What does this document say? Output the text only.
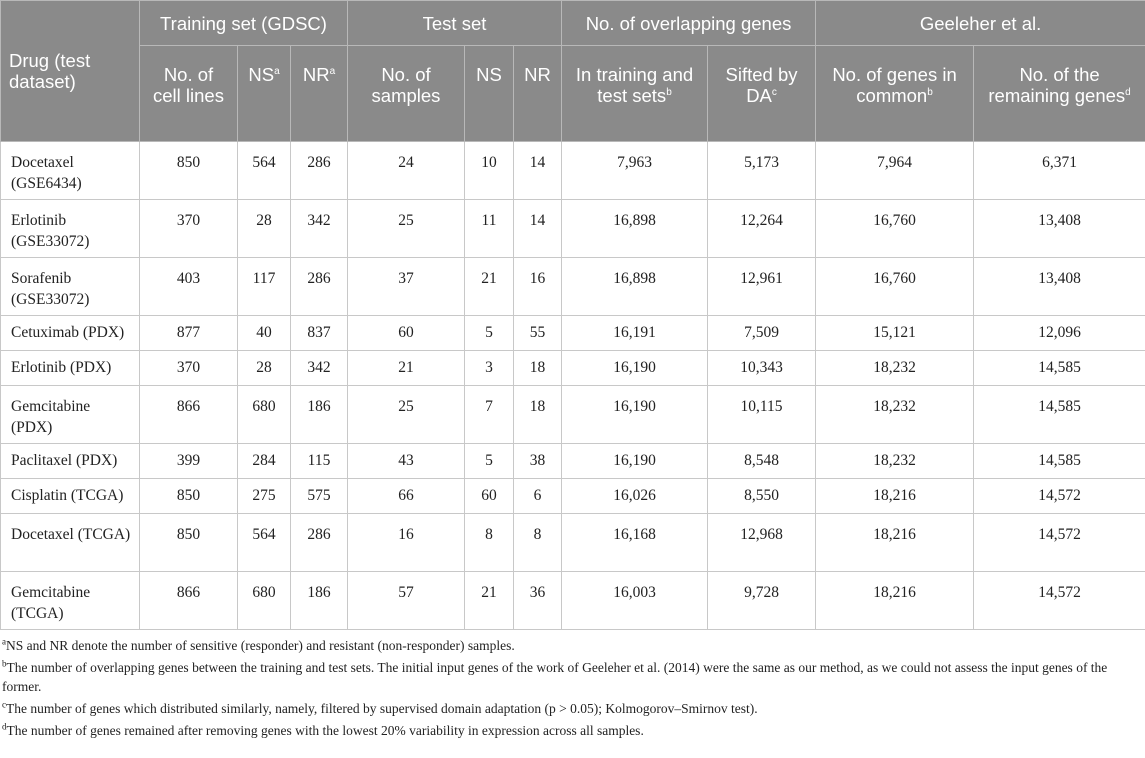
Drug (test dataset)	Training set (GDSC)			Test set			No. of overlapping genes		Geeleher et al.	
	No. of cell lines	$NS^a$	$NR^a$	No. of samples	NS	NR	In training and test sets$^b$	Sifted by $DA^c$	No. of genes in common$^b$	No. of the remaining genes$^d$
Docetaxel (GSE6434)	850	564	286	24	10	14	7,963	5,173	7,964	6,371
Erlotinib (GSE33072)	370	28	342	25	11	14	16,898	12,264	16,760	13,408
Sorafenib (GSE33072)	403	117	286	37	21	16	16,898	12,961	16,760	13,408
Cetuximab (PDX)	877	40	837	60	5	55	16,191	7,509	15,121	12,096
Erlotinib (PDX)	370	28	342	21	3	18	16,190	10,343	18,232	14,585
Gemcitabine (PDX)	866	680	186	25	7	18	16,190	10,115	18,232	14,585
Paclitaxel (PDX)	399	284	115	43	5	38	16,190	8,548	18,232	14,585
Cisplatin (TCGA)	850	275	575	66	60	6	16,026	8,550	18,216	14,572
Docetaxel (TCGA)	850	564	286	16	8	8	16,168	12,968	18,216	14,572
Gemcitabine (TCGA)	866	680	186	57	21	36	16,003	9,728	18,216	14,572

$^a$NS and NR denote the number of sensitive (responder) and resistant (non-responder) samples.

$^b$The number of overlapping genes between the training and test sets. The initial input genes of the work of Geeleher et al. (2014) were the same as our method, as we could not assess the input genes of the former.

$^c$The number of genes which distributed similarly, namely, filtered by supervised domain adaptation (p > 0.05); Kolmogorov–Smirnov test).

$^d$The number of genes remained after removing genes with the lowest 20% variability in expression across all samples.
